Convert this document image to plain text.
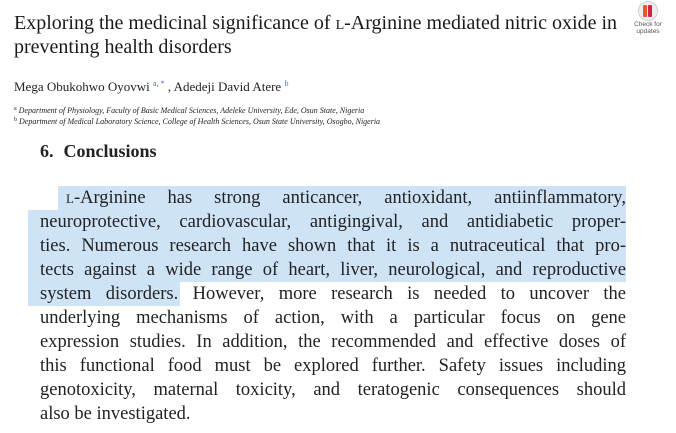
Exploring the medicinal significance of l-Arginine mediated nitric oxide in
preventing health disorders
Check for
updates
Mega Obukohwo Oyovwi $^{a, *}$ , Adedeji David Atere $^b$
$^a$ Department of Physiology, Faculty of Basic Medical Sciences, Adeleke University, Ede, Osun State, Nigeria
$^b$ Department of Medical Laboratory Science, College of Health Sciences, Osun State University, Osogbo, Nigeria
6. Conclusions
l-Arginine has strong anticancer, antioxidant, antiinflammatory,
neuroprotective, cardiovascular, antigingival, and antidiabetic proper-
ties. Numerous research have shown that it is a nutraceutical that pro-
tects against a wide range of heart, liver, neurological, and reproductive
system disorders. However, more research is needed to uncover the
underlying mechanisms of action, with a particular focus on gene
expression studies. In addition, the recommended and effective doses of
this functional food must be explored further. Safety issues including
genotoxicity, maternal toxicity, and teratogenic consequences should
also be investigated.
